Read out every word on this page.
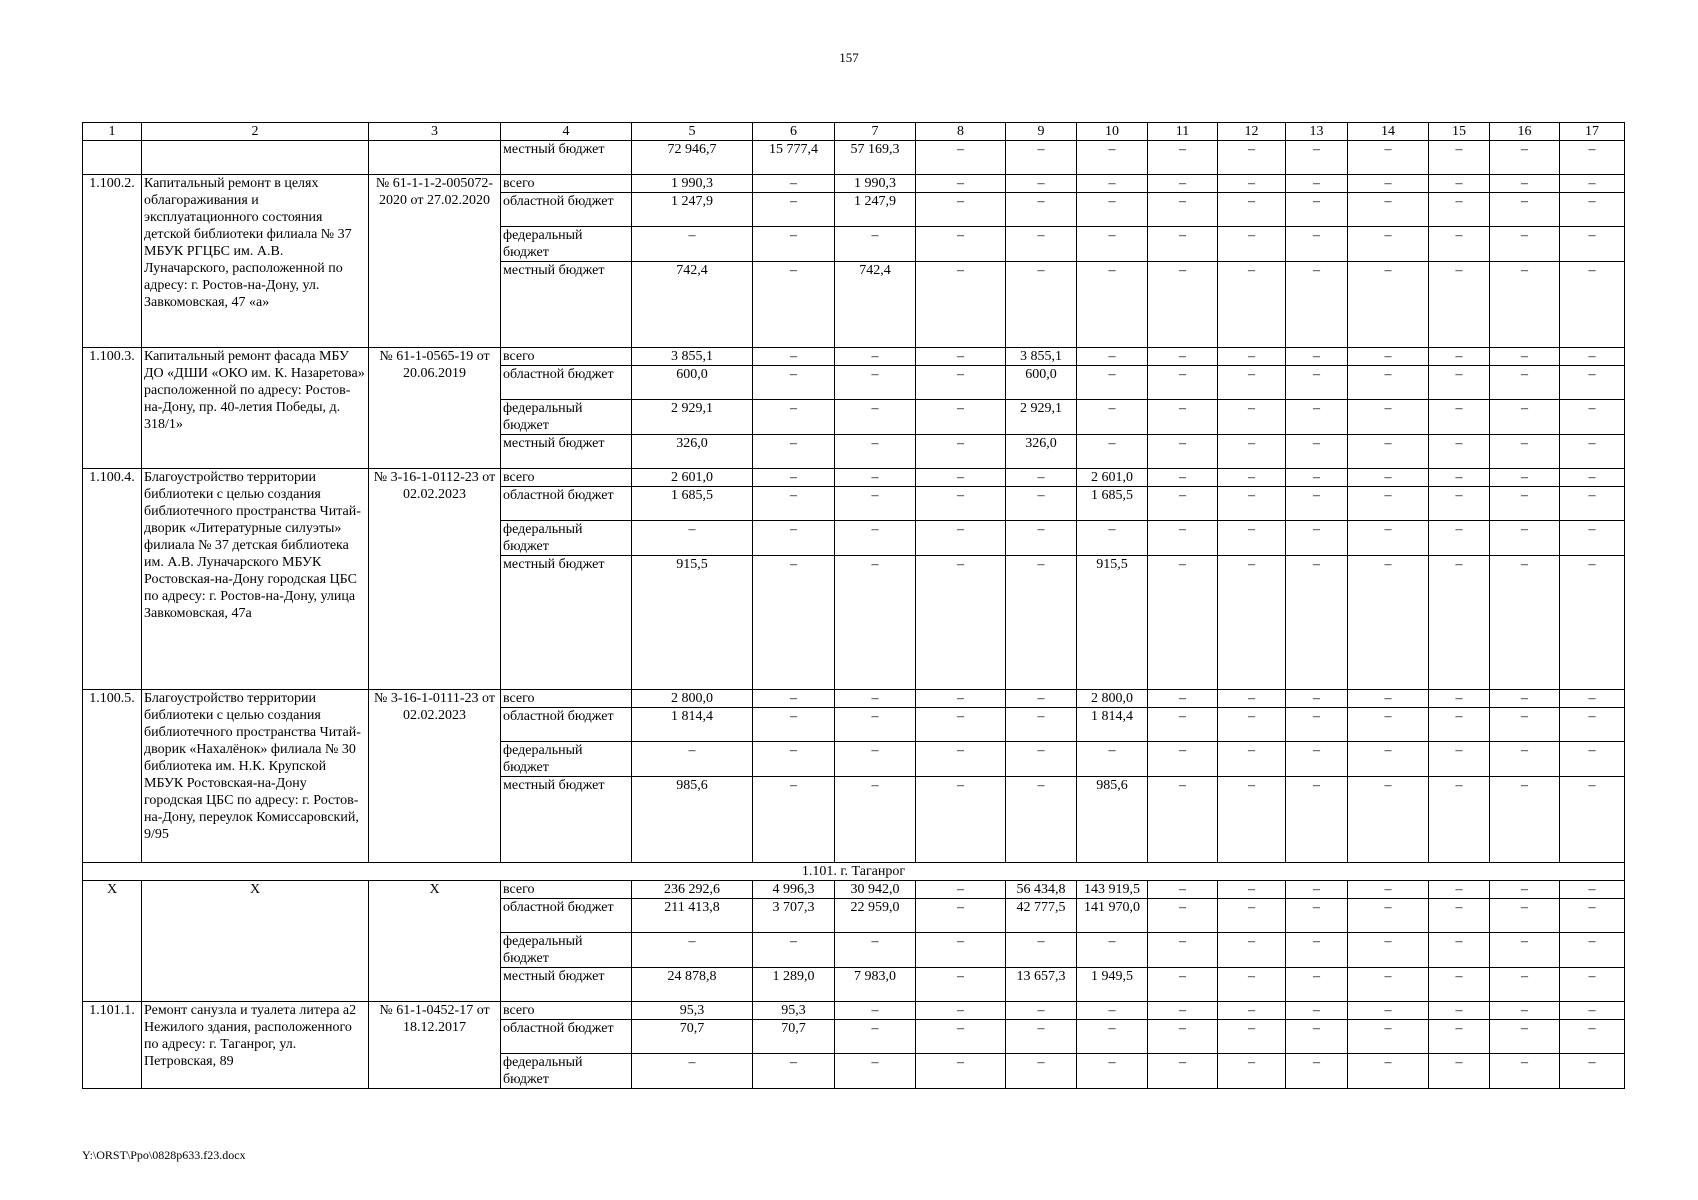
157
1	2	3	4	5	6	7	8	9	10	11	12	13	14	15	16	17
			местный бюджет	72 946,7	15 777,4	57 169,3	–	–	–	–	–	–	–	–	–	–
1.100.2.	Капитальный ремонт в целях облагораживания и эксплуатационного состояния детской библиотеки филиала № 37 МБУК РГЦБС им. А.В. Луначарского, расположенной по адресу: г. Ростов-на-Дону, ул. Завкомовская, 47 «а»	№ 61-1-1-2-005072-2020 от 27.02.2020	всего	1 990,3	–	1 990,3	–	–	–	–	–	–	–	–	–	–
			областной бюджет	1 247,9	–	1 247,9	–	–	–	–	–	–	–	–	–	–
			федеральный бюджет	–	–	–	–	–	–	–	–	–	–	–	–	–
			местный бюджет	742,4	–	742,4	–	–	–	–	–	–	–	–	–	–
1.100.3.	Капитальный ремонт фасада МБУ ДО «ДШИ «ОКО им. К. Назаретова» расположенной по адресу: Ростов-на-Дону, пр. 40-летия Победы, д. 318/1»	№ 61-1-0565-19 от 20.06.2019	всего	3 855,1	–	–	–	3 855,1	–	–	–	–	–	–	–	–
			областной бюджет	600,0	–	–	–	600,0	–	–	–	–	–	–	–	–
			федеральный бюджет	2 929,1	–	–	–	2 929,1	–	–	–	–	–	–	–	–
			местный бюджет	326,0	–	–	–	326,0	–	–	–	–	–	–	–	–
1.100.4.	Благоустройство территории библиотеки с целью создания библиотечного пространства Читай-дворик «Литературные силуэты» филиала № 37 детская библиотека им. А.В. Луначарского МБУК Ростовская-на-Дону городская ЦБС по адресу: г. Ростов-на-Дону, улица Завкомовская, 47а	№ 3-16-1-0112-23 от 02.02.2023	всего	2 601,0	–	–	–	–	2 601,0	–	–	–	–	–	–	–
			областной бюджет	1 685,5	–	–	–	–	1 685,5	–	–	–	–	–	–	–
			федеральный бюджет	–	–	–	–	–	–	–	–	–	–	–	–	–
			местный бюджет	915,5	–	–	–	–	915,5	–	–	–	–	–	–	–
1.100.5.	Благоустройство территории библиотеки с целью создания библиотечного пространства Читай-дворик «Нахалёнок» филиала № 30 библиотека им. Н.К. Крупской МБУК Ростовская-на-Дону городская ЦБС по адресу: г. Ростов-на-Дону, переулок Комиссаровский, 9/95	№ 3-16-1-0111-23 от 02.02.2023	всего	2 800,0	–	–	–	–	2 800,0	–	–	–	–	–	–	–
			областной бюджет	1 814,4	–	–	–	–	1 814,4	–	–	–	–	–	–	–
			федеральный бюджет	–	–	–	–	–	–	–	–	–	–	–	–	–
			местный бюджет	985,6	–	–	–	–	985,6	–	–	–	–	–	–	–
1.101. г. Таганрог																
X	X	X	всего	236 292,6	4 996,3	30 942,0	–	56 434,8	143 919,5	–	–	–	–	–	–	–
			областной бюджет	211 413,8	3 707,3	22 959,0	–	42 777,5	141 970,0	–	–	–	–	–	–	–
			федеральный бюджет	–	–	–	–	–	–	–	–	–	–	–	–	–
			местный бюджет	24 878,8	1 289,0	7 983,0	–	13 657,3	1 949,5	–	–	–	–	–	–	–
1.101.1.	Ремонт санузла и туалета литера а2 Нежилого здания, расположенного по адресу: г. Таганрог, ул. Петровская, 89	№ 61-1-0452-17 от 18.12.2017	всего	95,3	95,3	–	–	–	–	–	–	–	–	–	–	–
			областной бюджет	70,7	70,7	–	–	–	–	–	–	–	–	–	–	–
			федеральный бюджет	–	–	–	–	–	–	–	–	–	–	–	–	–
Y:\ORST\Ppo\0828p633.f23.docx
